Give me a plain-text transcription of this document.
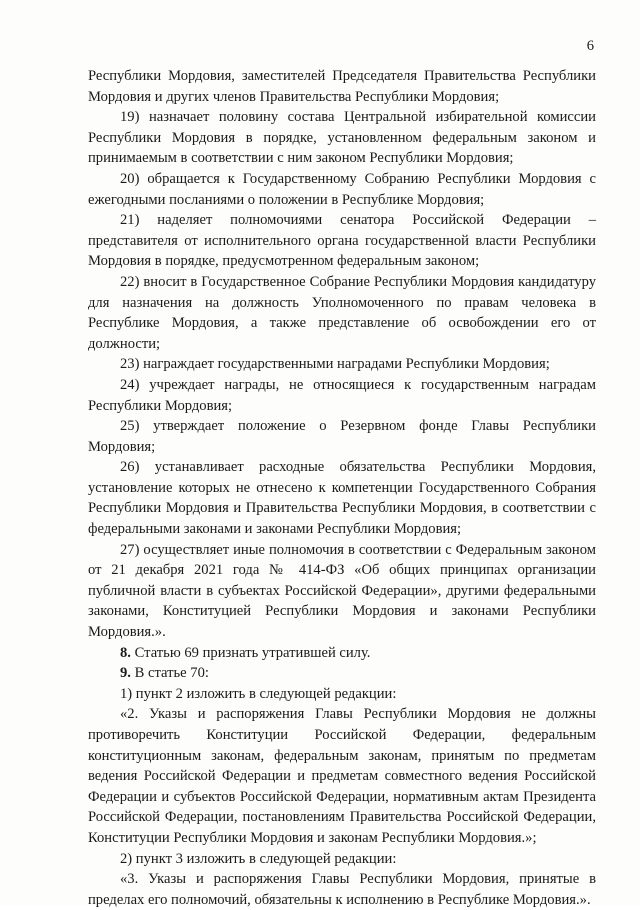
6

Республики Мордовия, заместителей Председателя Правительства Республики Мордовия и других членов Правительства Республики Мордовия;

19) назначает половину состава Центральной избирательной комиссии Республики Мордовия в порядке, установленном федеральным законом и принимаемым в соответствии с ним законом Республики Мордовия;

20) обращается к Государственному Собранию Республики Мордовия с ежегодными посланиями о положении в Республике Мордовия;

21) наделяет полномочиями сенатора Российской Федерации – представителя от исполнительного органа государственной власти Республики Мордовия в порядке, предусмотренном федеральным законом;

22) вносит в Государственное Собрание Республики Мордовия кандидатуру для назначения на должность Уполномоченного по правам человека в Республике Мордовия, а также представление об освобождении его от должности;

23) награждает государственными наградами Республики Мордовия;

24) учреждает награды, не относящиеся к государственным наградам Республики Мордовия;

25) утверждает положение о Резервном фонде Главы Республики Мордовия;

26) устанавливает расходные обязательства Республики Мордовия, установление которых не отнесено к компетенции Государственного Собрания Республики Мордовия и Правительства Республики Мордовия, в соответствии с федеральными законами и законами Республики Мордовия;

27) осуществляет иные полномочия в соответствии с Федеральным законом от 21 декабря 2021 года № 414-ФЗ «Об общих принципах организации публичной власти в субъектах Российской Федерации», другими федеральными законами, Конституцией Республики Мордовия и законами Республики Мордовия.».

8. Статью 69 признать утратившей силу.

9. В статье 70:

1) пункт 2 изложить в следующей редакции:

«2. Указы и распоряжения Главы Республики Мордовия не должны противоречить Конституции Российской Федерации, федеральным конституционным законам, федеральным законам, принятым по предметам ведения Российской Федерации и предметам совместного ведения Российской Федерации и субъектов Российской Федерации, нормативным актам Президента Российской Федерации, постановлениям Правительства Российской Федерации, Конституции Республики Мордовия и законам Республики Мордовия.»;

2) пункт 3 изложить в следующей редакции:

«3. Указы и распоряжения Главы Республики Мордовия, принятые в пределах его полномочий, обязательны к исполнению в Республике Мордовия.».
